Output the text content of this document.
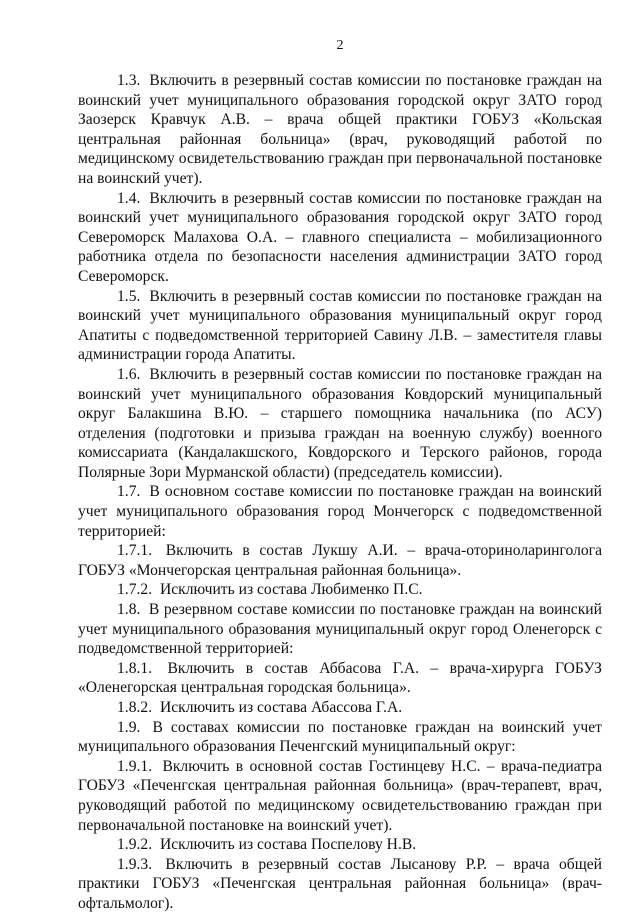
2

1.3. Включить в резервный состав комиссии по постановке граждан на воинский учет муниципального образования городской округ ЗАТО город Заозерск Кравчук А.В. – врача общей практики ГОБУЗ «Кольская центральная районная больница» (врач, руководящий работой по медицинскому освидетельствованию граждан при первоначальной постановке на воинский учет).

1.4. Включить в резервный состав комиссии по постановке граждан на воинский учет муниципального образования городской округ ЗАТО город Североморск Малахова О.А. – главного специалиста – мобилизационного работника отдела по безопасности населения администрации ЗАТО город Североморск.

1.5. Включить в резервный состав комиссии по постановке граждан на воинский учет муниципального образования муниципальный округ город Апатиты с подведомственной территорией Савину Л.В. – заместителя главы администрации города Апатиты.

1.6. Включить в резервный состав комиссии по постановке граждан на воинский учет муниципального образования Ковдорский муниципальный округ Балакшина В.Ю. – старшего помощника начальника (по АСУ) отделения (подготовки и призыва граждан на военную службу) военного комиссариата (Кандалакшского, Ковдорского и Терского районов, города Полярные Зори Мурманской области) (председатель комиссии).

1.7. В основном составе комиссии по постановке граждан на воинский учет муниципального образования город Мончегорск с подведомственной территорией:

1.7.1. Включить в состав Лукшу А.И. – врача-оториноларинголога ГОБУЗ «Мончегорская центральная районная больница».

1.7.2. Исключить из состава Любименко П.С.

1.8. В резервном составе комиссии по постановке граждан на воинский учет муниципального образования муниципальный округ город Оленегорск с подведомственной территорией:

1.8.1. Включить в состав Аббасова Г.А. – врача-хирурга ГОБУЗ «Оленегорская центральная городская больница».

1.8.2. Исключить из состава Абассова Г.А.

1.9. В составах комиссии по постановке граждан на воинский учет муниципального образования Печенгский муниципальный округ:

1.9.1. Включить в основной состав Гостинцеву Н.С. – врача-педиатра ГОБУЗ «Печенгская центральная районная больница» (врач-терапевт, врач, руководящий работой по медицинскому освидетельствованию граждан при первоначальной постановке на воинский учет).

1.9.2. Исключить из состава Поспелову Н.В.

1.9.3. Включить в резервный состав Лысанову Р.Р. – врача общей практики ГОБУЗ «Печенгская центральная районная больница» (врач-офтальмолог).
